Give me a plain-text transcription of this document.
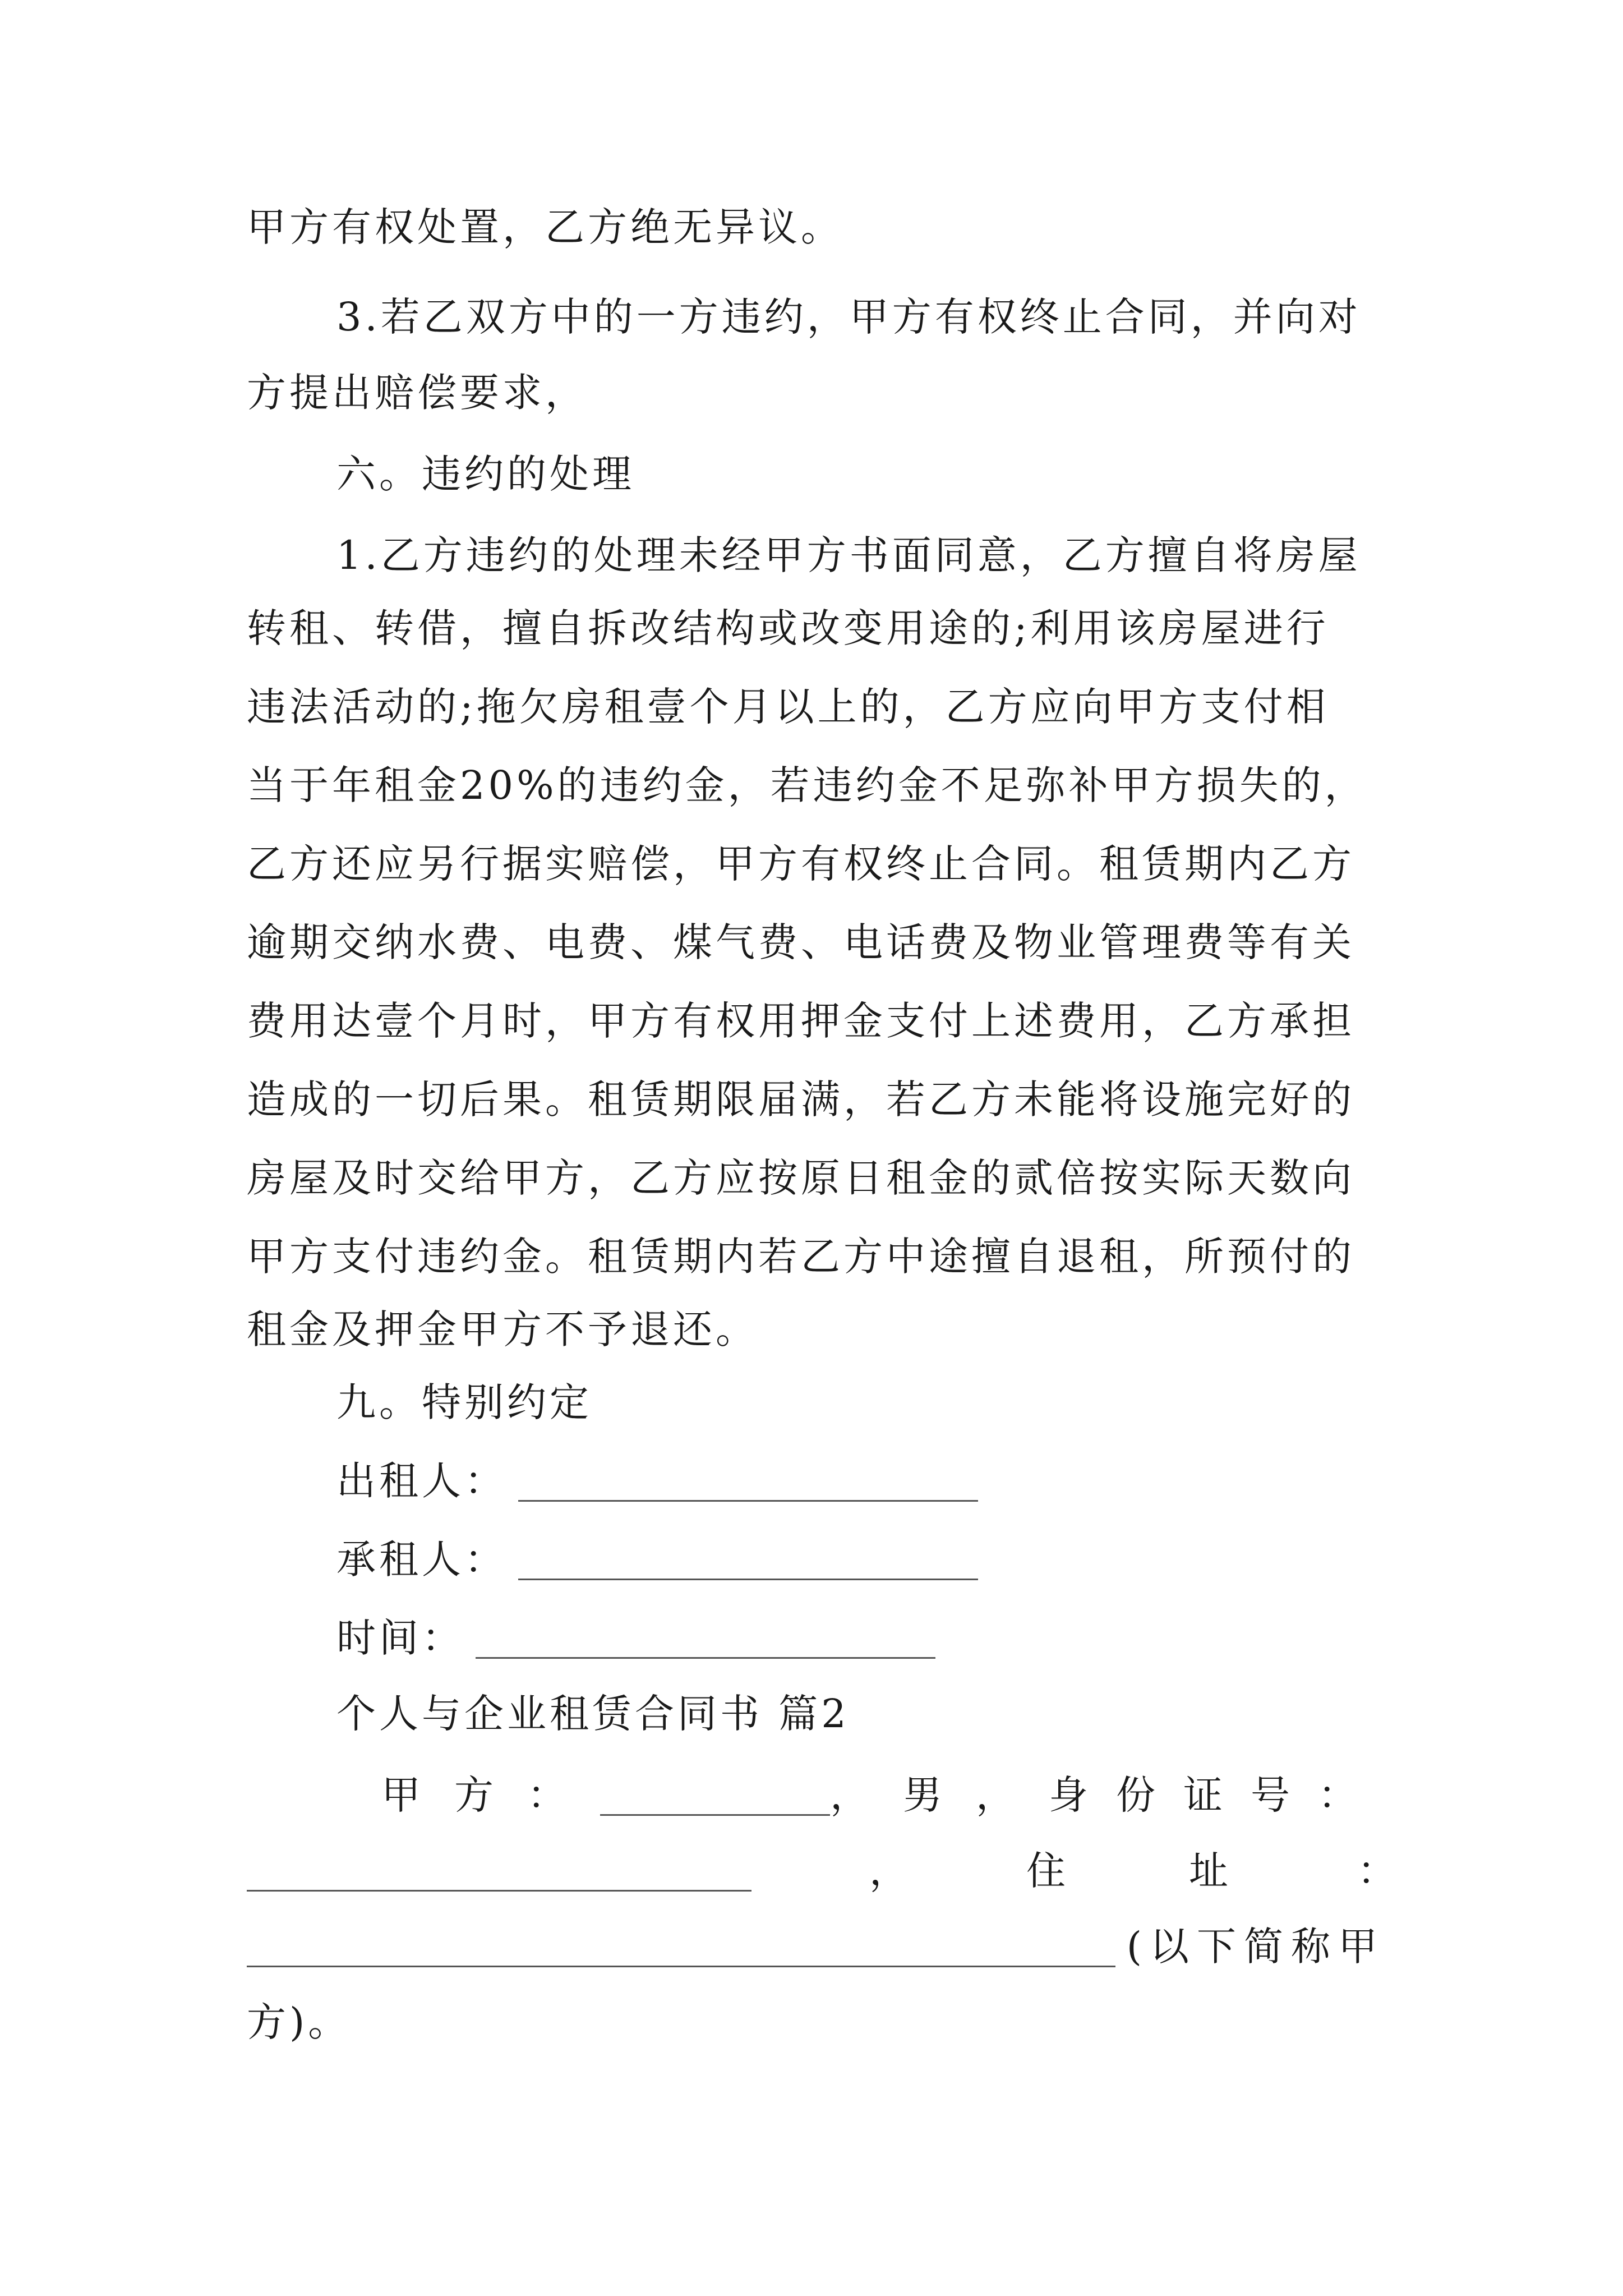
甲方有权处置，乙方绝无异议。
3.若乙双方中的一方违约，甲方有权终止合同，并向对
方提出赔偿要求，
六。违约的处理
1.乙方违约的处理未经甲方书面同意，乙方擅自将房屋
转租、转借，擅自拆改结构或改变用途的;利用该房屋进行
违法活动的;拖欠房租壹个月以上的，乙方应向甲方支付相
当于年租金20%的违约金，若违约金不足弥补甲方损失的，
乙方还应另行据实赔偿，甲方有权终止合同。租赁期内乙方
逾期交纳水费、电费、煤气费、电话费及物业管理费等有关
费用达壹个月时，甲方有权用押金支付上述费用，乙方承担
造成的一切后果。租赁期限届满，若乙方未能将设施完好的
房屋及时交给甲方，乙方应按原日租金的贰倍按实际天数向
甲方支付违约金。租赁期内若乙方中途擅自退租，所预付的
租金及押金甲方不予退还。
九。特别约定
出租人：
承租人：
时间：
个人与企业租赁合同书 篇2
甲方：	，男， 身份证号：
，	住	址	：
(以下简称甲
方)。
